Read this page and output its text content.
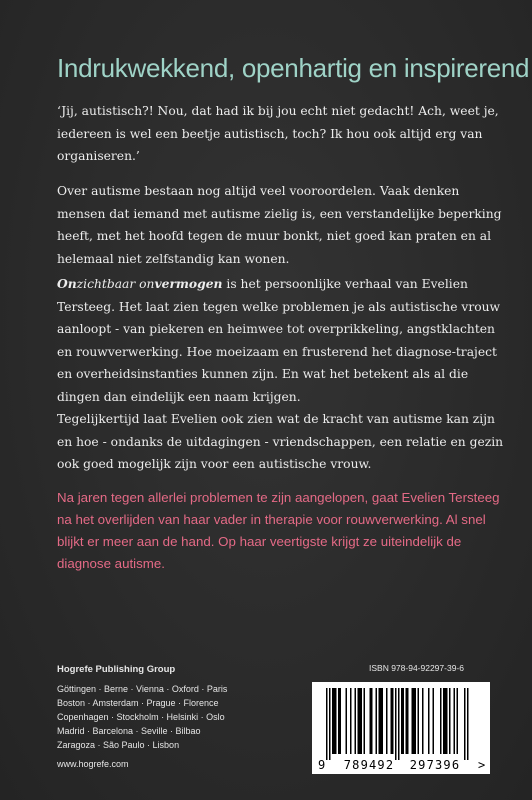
Indrukwekkend, openhartig en inspirerend
‘Jij, autistisch?! Nou, dat had ik bij jou echt niet gedacht! Ach, weet je, iedereen is wel een beetje autistisch, toch? Ik hou ook altijd erg van organiseren.’
Over autisme bestaan nog altijd veel vooroordelen. Vaak denken mensen dat iemand met autisme zielig is, een verstandelijke beperking heeft, met het hoofd tegen de muur bonkt, niet goed kan praten en al helemaal niet zelfstandig kan wonen.
Onzichtbaar onvermogen is het persoonlijke verhaal van Evelien Tersteeg. Het laat zien tegen welke problemen je als autistische vrouw aanloopt - van piekeren en heimwee tot overprikkeling, angstklachten en rouwverwerking. Hoe moeizaam en frusterend het diagnose-traject en overheidsinstanties kunnen zijn. En wat het betekent als al die dingen dan eindelijk een naam krijgen.
Tegelijkertijd laat Evelien ook zien wat de kracht van autisme kan zijn en hoe - ondanks de uitdagingen - vriendschappen, een relatie en gezin ook goed mogelijk zijn voor een autistische vrouw.
Na jaren tegen allerlei problemen te zijn aangelopen, gaat Evelien Tersteeg na het overlijden van haar vader in therapie voor rouwverwerking. Al snel blijkt er meer aan de hand. Op haar veertigste krijgt ze uiteindelijk de diagnose autisme.
Hogrefe Publishing Group
Göttingen · Berne · Vienna · Oxford · Paris
Boston · Amsterdam · Prague · Florence
Copenhagen · Stockholm · Helsinki · Oslo
Madrid · Barcelona · Seville · Bilbao
Zaragoza · São Paulo · Lisbon
www.hogrefe.com
ISBN 978-94-92297-39-6
9 789492 297396 >
